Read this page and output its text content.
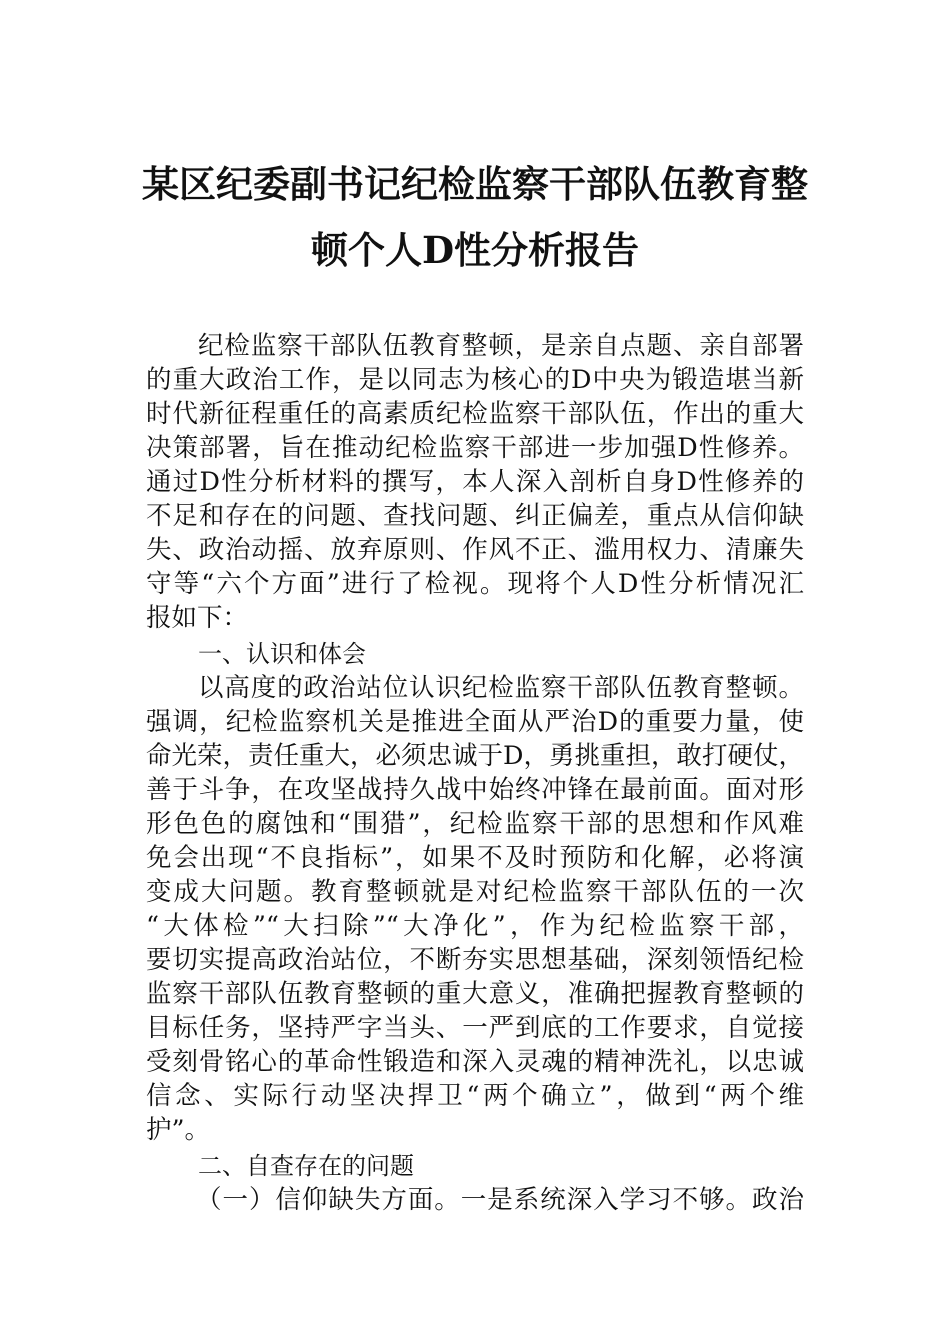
某区纪委副书记纪检监察干部队伍教育整
顿个人D性分析报告
纪检监察干部队伍教育整顿，是亲自点题、亲自部署
的重大政治工作，是以同志为核心的D中央为锻造堪当新
时代新征程重任的高素质纪检监察干部队伍，作出的重大
决策部署，旨在推动纪检监察干部进一步加强D性修养。
通过D性分析材料的撰写，本人深入剖析自身D性修养的
不足和存在的问题、查找问题、纠正偏差，重点从信仰缺
失、政治动摇、放弃原则、作风不正、滥用权力、清廉失
守等“六个方面”进行了检视。现将个人D性分析情况汇
报如下：
一、认识和体会
以高度的政治站位认识纪检监察干部队伍教育整顿。
强调，纪检监察机关是推进全面从严治D的重要力量，使
命光荣，责任重大，必须忠诚于D，勇挑重担，敢打硬仗，
善于斗争，在攻坚战持久战中始终冲锋在最前面。面对形
形色色的腐蚀和“围猎”，纪检监察干部的思想和作风难
免会出现“不良指标”，如果不及时预防和化解，必将演
变成大问题。教育整顿就是对纪检监察干部队伍的一次
“大体检”“大扫除”“大净化”，作为纪检监察干部，
要切实提高政治站位，不断夯实思想基础，深刻领悟纪检
监察干部队伍教育整顿的重大意义，准确把握教育整顿的
目标任务，坚持严字当头、一严到底的工作要求，自觉接
受刻骨铭心的革命性锻造和深入灵魂的精神洗礼，以忠诚
信念、实际行动坚决捍卫“两个确立”，做到“两个维
护”。
二、自查存在的问题
（一）信仰缺失方面。一是系统深入学习不够。政治
